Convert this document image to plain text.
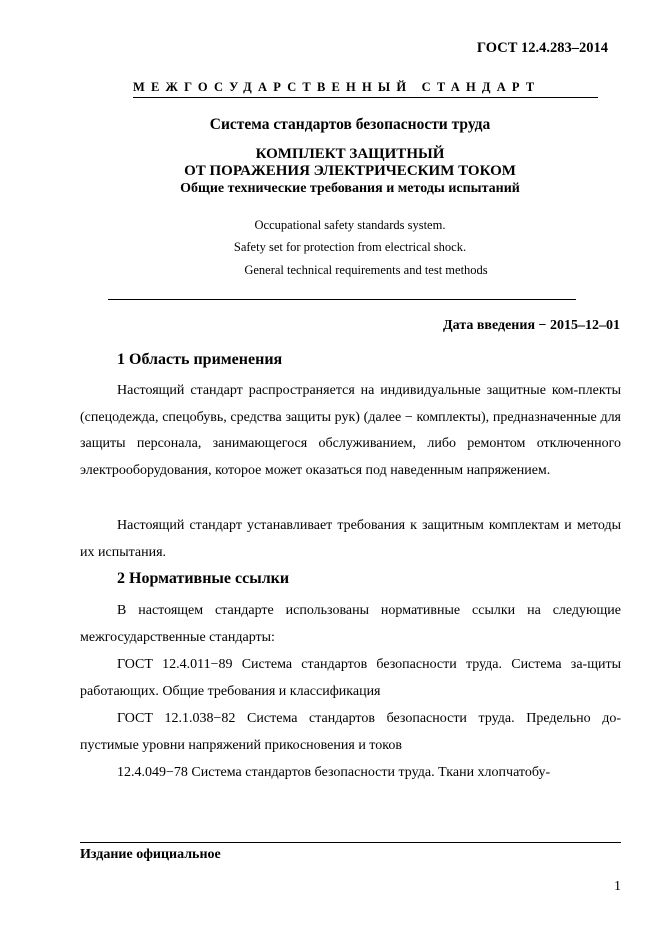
ГОСТ 12.4.283–2014
МЕЖГОСУДАРСТВЕННЫЙ СТАНДАРТ
Система стандартов безопасности труда
КОМПЛЕКТ ЗАЩИТНЫЙ
ОТ ПОРАЖЕНИЯ ЭЛЕКТРИЧЕСКИМ ТОКОМ
Общие технические требования и методы испытаний
Occupational safety standards system.
Safety set for protection from electrical shock.
General technical requirements and test methods
Дата введения − 2015–12–01
1 Область применения
Настоящий стандарт распространяется на индивидуальные защитные ком-плекты (спецодежда, спецобувь, средства защиты рук) (далее − комплекты), предназначенные для защиты персонала, занимающегося обслуживанием, либо ремонтом отключенного электрооборудования, которое может оказаться под наведенным напряжением.
Настоящий стандарт устанавливает требования к защитным комплектам и методы их испытания.
2 Нормативные ссылки
В настоящем стандарте использованы нормативные ссылки на следующие межгосударственные стандарты:
ГОСТ 12.4.011−89 Система стандартов безопасности труда. Система за-щиты работающих. Общие требования и классификация
ГОСТ 12.1.038−82 Система стандартов безопасности труда. Предельно до-пустимые уровни напряжений прикосновения и токов
12.4.049−78 Система стандартов безопасности труда. Ткани хлопчатобу-
Издание официальное
1
